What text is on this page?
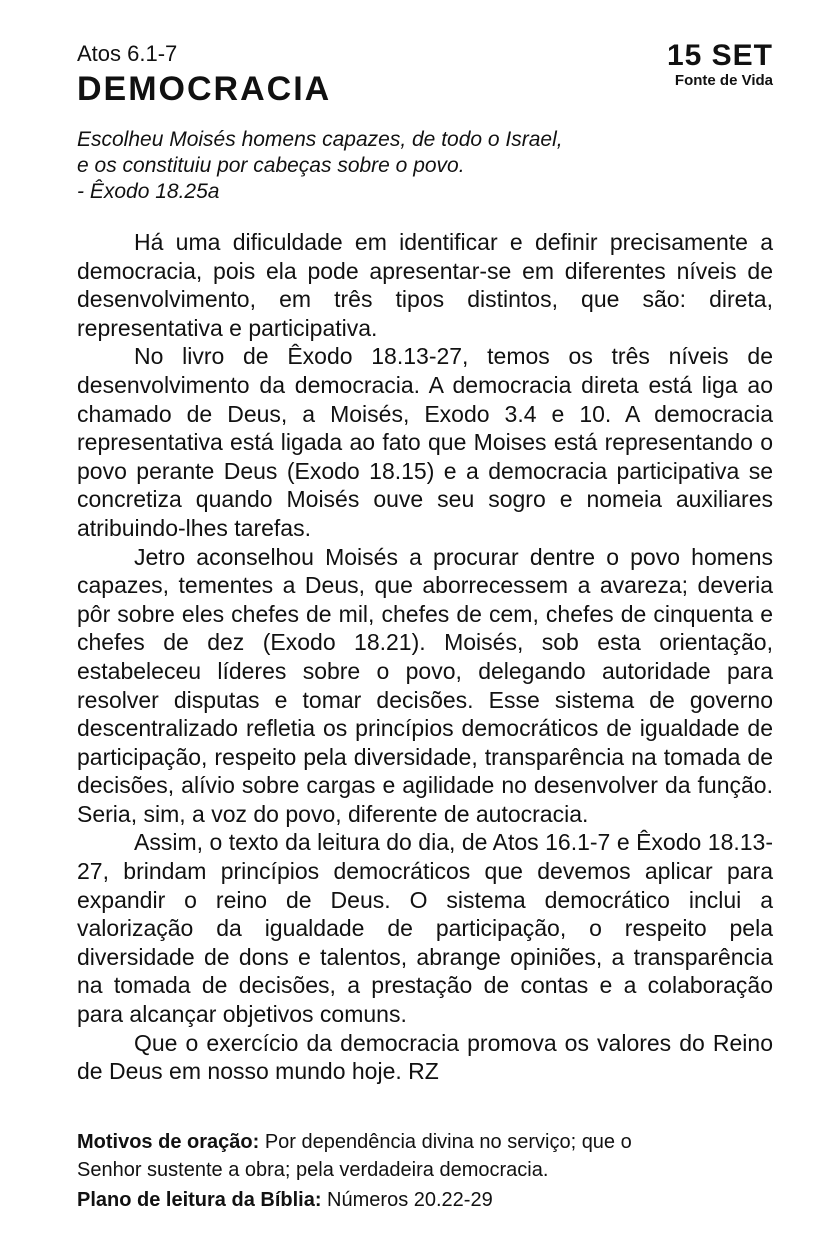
Atos 6.1-7
DEMOCRACIA
15 SET
Fonte de Vida
Escolheu Moisés homens capazes, de todo o Israel,
e os constituiu por cabeças sobre o povo.
- Êxodo 18.25a

Há uma dificuldade em identificar e definir precisamente a democracia, pois ela pode apresentar-se em diferentes níveis de desenvolvimento, em três tipos distintos, que são: direta, representativa e participativa.

No livro de Êxodo 18.13-27, temos os três níveis de desenvolvimento da democracia. A democracia direta está liga ao chamado de Deus, a Moisés, Exodo 3.4 e 10. A democracia representativa está ligada ao fato que Moises está representando o povo perante Deus (Exodo 18.15) e a democracia participativa se concretiza quando Moisés ouve seu sogro e nomeia auxiliares atribuindo-lhes tarefas.

Jetro aconselhou Moisés a procurar dentre o povo homens capazes, tementes a Deus, que aborrecessem a avareza; deveria pôr sobre eles chefes de mil, chefes de cem, chefes de cinquenta e chefes de dez (Exodo 18.21). Moisés, sob esta orientação, estabeleceu líderes sobre o povo, delegando autoridade para resolver disputas e tomar decisões. Esse sistema de governo descentralizado refletia os princípios democráticos de igualdade de participação, respeito pela diversidade, transparência na tomada de decisões, alívio sobre cargas e agilidade no desenvolver da função. Seria, sim, a voz do povo, diferente de autocracia.

Assim, o texto da leitura do dia, de Atos 16.1-7 e Êxodo 18.13-27, brindam princípios democráticos que devemos aplicar para expandir o reino de Deus. O sistema democrático inclui a valorização da igualdade de participação, o respeito pela diversidade de dons e talentos, abrange opiniões, a transparência na tomada de decisões, a prestação de contas e a colaboração para alcançar objetivos comuns.

Que o exercício da democracia promova os valores do Reino de Deus em nosso mundo hoje. RZ

Motivos de oração: Por dependência divina no serviço; que o
Senhor sustente a obra; pela verdadeira democracia.
Plano de leitura da Bíblia: Números 20.22-29
